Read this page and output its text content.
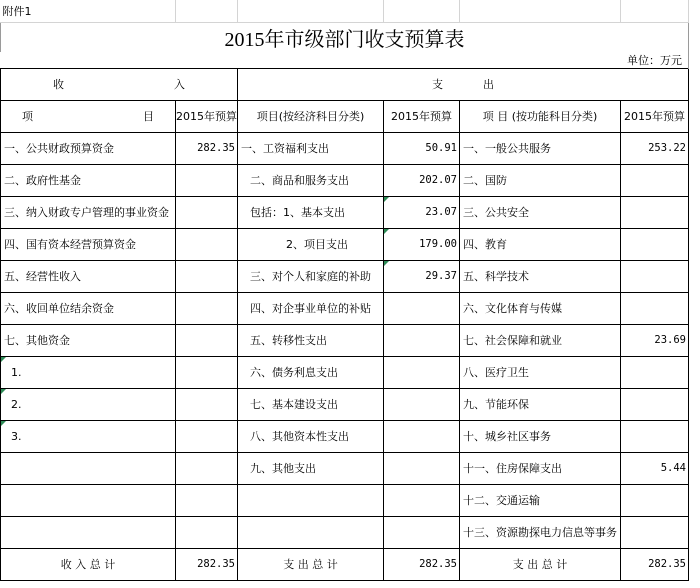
附件1					
2015年市级部门收支预算表					
单位：万元					
收 入		支 出			
项 目	2015年预算	项目(按经济科目分类)	2015年预算	项 目 (按功能科目分类)	2015年预算
一、公共财政预算资金	282.35	一、工资福利支出	50.91	一、一般公共服务	253.22
二、政府性基金		二、商品和服务支出	202.07	二、国防	
三、纳入财政专户管理的事业资金		包括：1、基本支出	23.07	三、公共安全	
四、国有资本经营预算资金		2、项目支出	179.00	四、教育	
五、经营性收入		三、对个人和家庭的补助	29.37	五、科学技术	
六、收回单位结余资金		四、对企事业单位的补贴		六、文化体育与传媒	
七、其他资金		五、转移性支出		七、社会保障和就业	23.69
1.		六、债务利息支出		八、医疗卫生	
2.		七、基本建设支出		九、节能环保	
3.		八、其他资本性支出		十、城乡社区事务	
		九、其他支出		十一、住房保障支出	5.44
				十二、交通运输	
				十三、资源勘探电力信息等事务	
收 入 总 计	282.35	支 出 总 计	282.35	支 出 总 计	282.35
